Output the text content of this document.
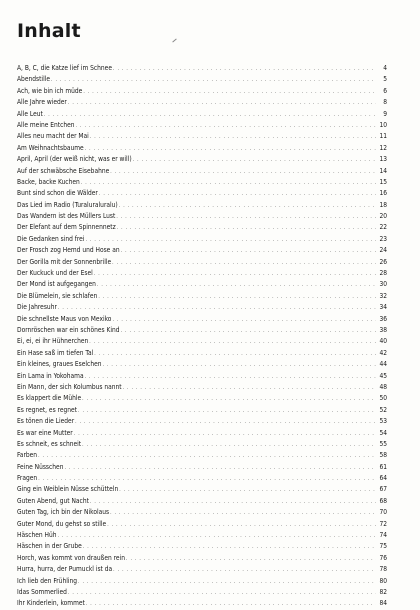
Inhalt
A, B, C, die Katze lief im Schnee . . .	4
Abendstille . . .	5
Ach, wie bin ich müde . . .	6
Alle Jahre wieder . . .	8
Alle Leut . . .	9
Alle meine Entchen . . .	10
Alles neu macht der Mai . . .	11
Am Weihnachtsbaume . . .	12
April, April (der weiß nicht, was er will) . . .	13
Auf der schwäbsche Eisebahne . . .	14
Backe, backe Kuchen . . .	15
Bunt sind schon die Wälder . . .	16
Das Lied im Radio (Turaluraluralu) . . .	18
Das Wandern ist des Müllers Lust . . .	20
Der Elefant auf dem Spinnennetz . . .	22
Die Gedanken sind frei . . .	23
Der Frosch zog Hemd und Hose an . . .	24
Der Gorilla mit der Sonnenbrille . . .	26
Der Kuckuck und der Esel . . .	28
Der Mond ist aufgegangen . . .	30
Die Blümelein, sie schlafen . . .	32
Die Jahresuhr . . .	34
Die schnellste Maus von Mexiko . . .	36
Dornröschen war ein schönes Kind . . .	38
Ei, ei, ei ihr Hühnerchen . . .	40
Ein Hase saß im tiefen Tal . . .	42
Ein kleines, graues Eselchen . . .	44
Ein Lama in Yokohama . . .	45
Ein Mann, der sich Kolumbus nannt . . .	48
Es klappert die Mühle . . .	50
Es regnet, es regnet . . .	52
Es tönen die Lieder . . .	53
Es war eine Mutter . . .	54
Es schneit, es schneit . . .	55
Farben . . .	58
Feine Nüsschen . . .	61
Fragen . . .	64
Ging ein Weiblein Nüsse schütteln . . .	67
Guten Abend, gut Nacht . . .	68
Guten Tag, ich bin der Nikolaus . . .	70
Guter Mond, du gehst so stille . . .	72
Häschen Hüh . . .	74
Häschen in der Grube . . .	75
Horch, was kommt von draußen rein . . .	76
Hurra, hurra, der Pumuckl ist da . . .	78
Ich lieb den Frühling . . .	80
Idas Sommerlied . . .	82
Ihr Kinderlein, kommet . . .	84
